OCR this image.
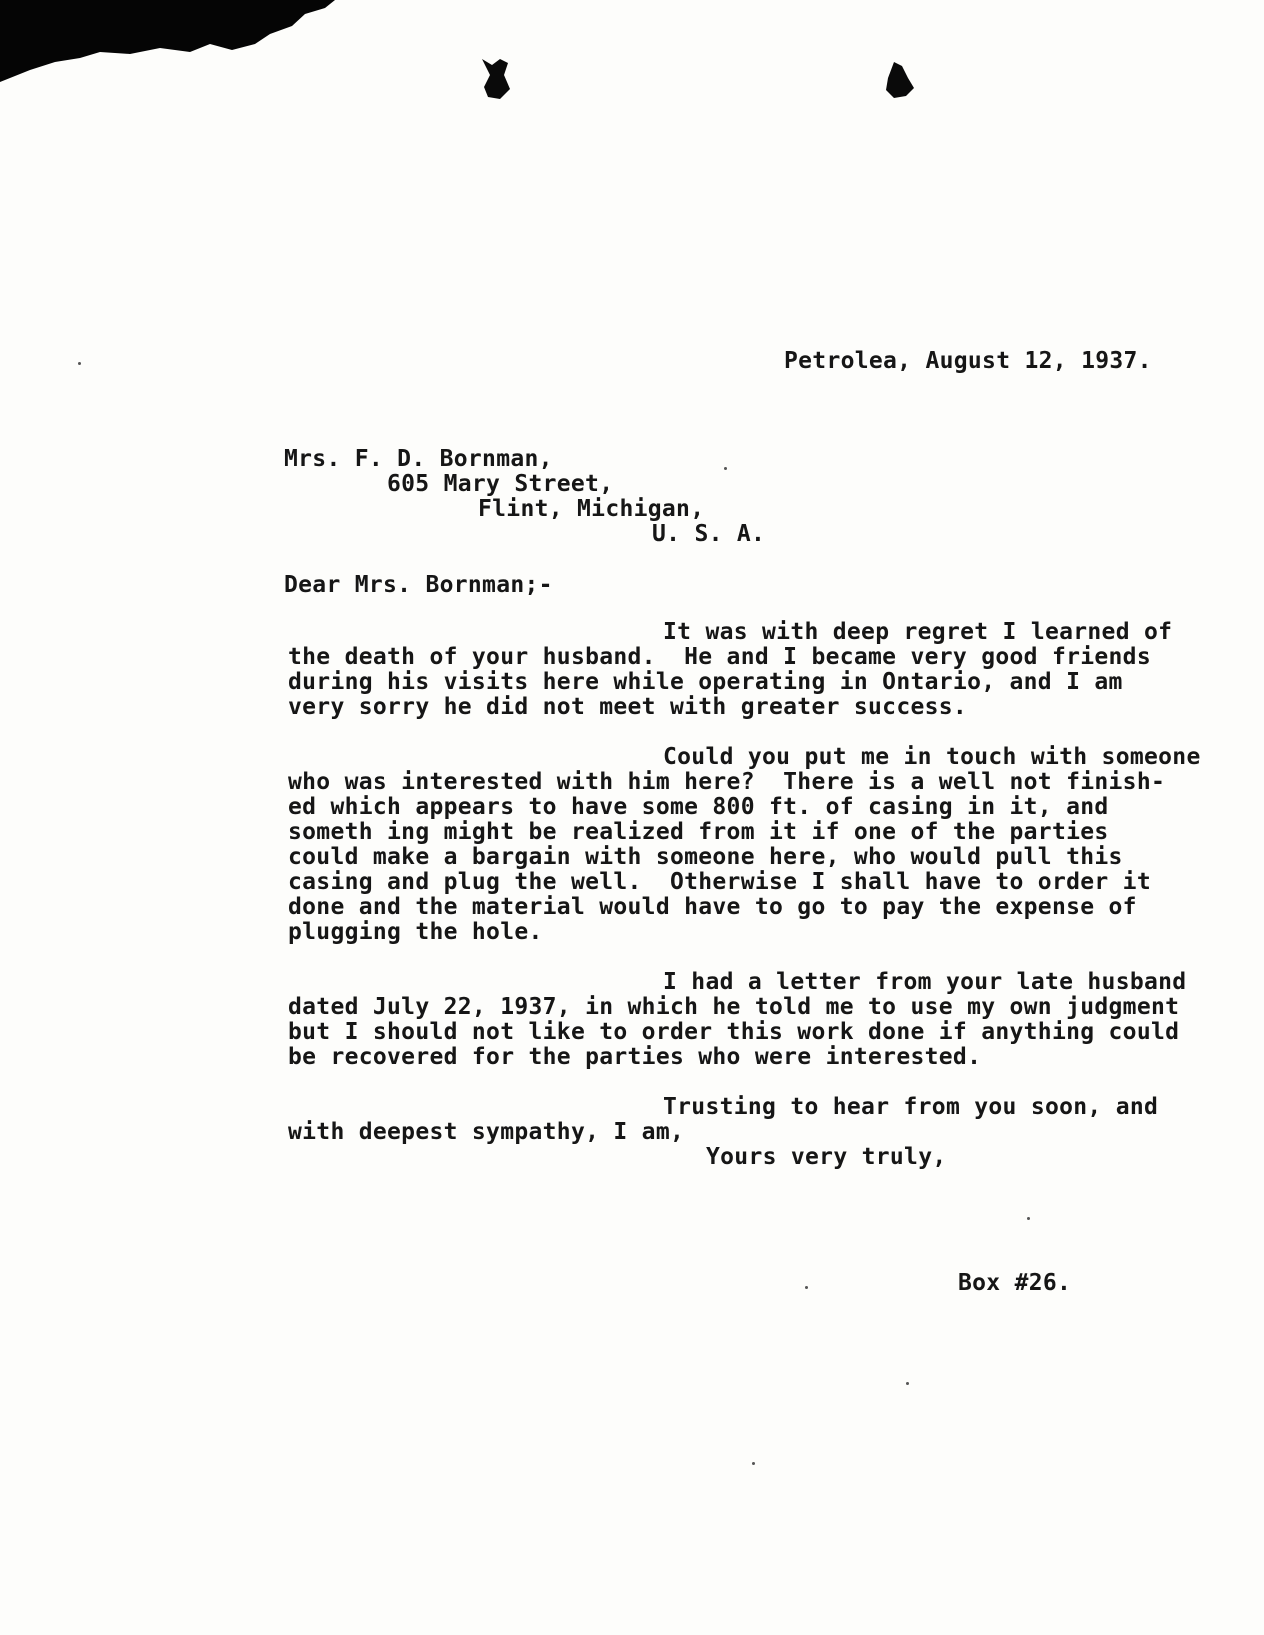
Petrolea, August 12, 1937.
Mrs. F. D. Bornman,
605 Mary Street,
Flint, Michigan,
U. S. A.
Dear Mrs. Bornman;-
It was with deep regret I learned of
the death of your husband.  He and I became very good friends
during his visits here while operating in Ontario, and I am
very sorry he did not meet with greater success.
Could you put me in touch with someone
who was interested with him here?  There is a well not finish-
ed which appears to have some 800 ft. of casing in it, and
someth ing might be realized from it if one of the parties
could make a bargain with someone here, who would pull this
casing and plug the well.  Otherwise I shall have to order it
done and the material would have to go to pay the expense of
plugging the hole.
I had a letter from your late husband
dated July 22, 1937, in which he told me to use my own judgment
but I should not like to order this work done if anything could
be recovered for the parties who were interested.
Trusting to hear from you soon, and
with deepest sympathy, I am,
Yours very truly,
Box #26.
